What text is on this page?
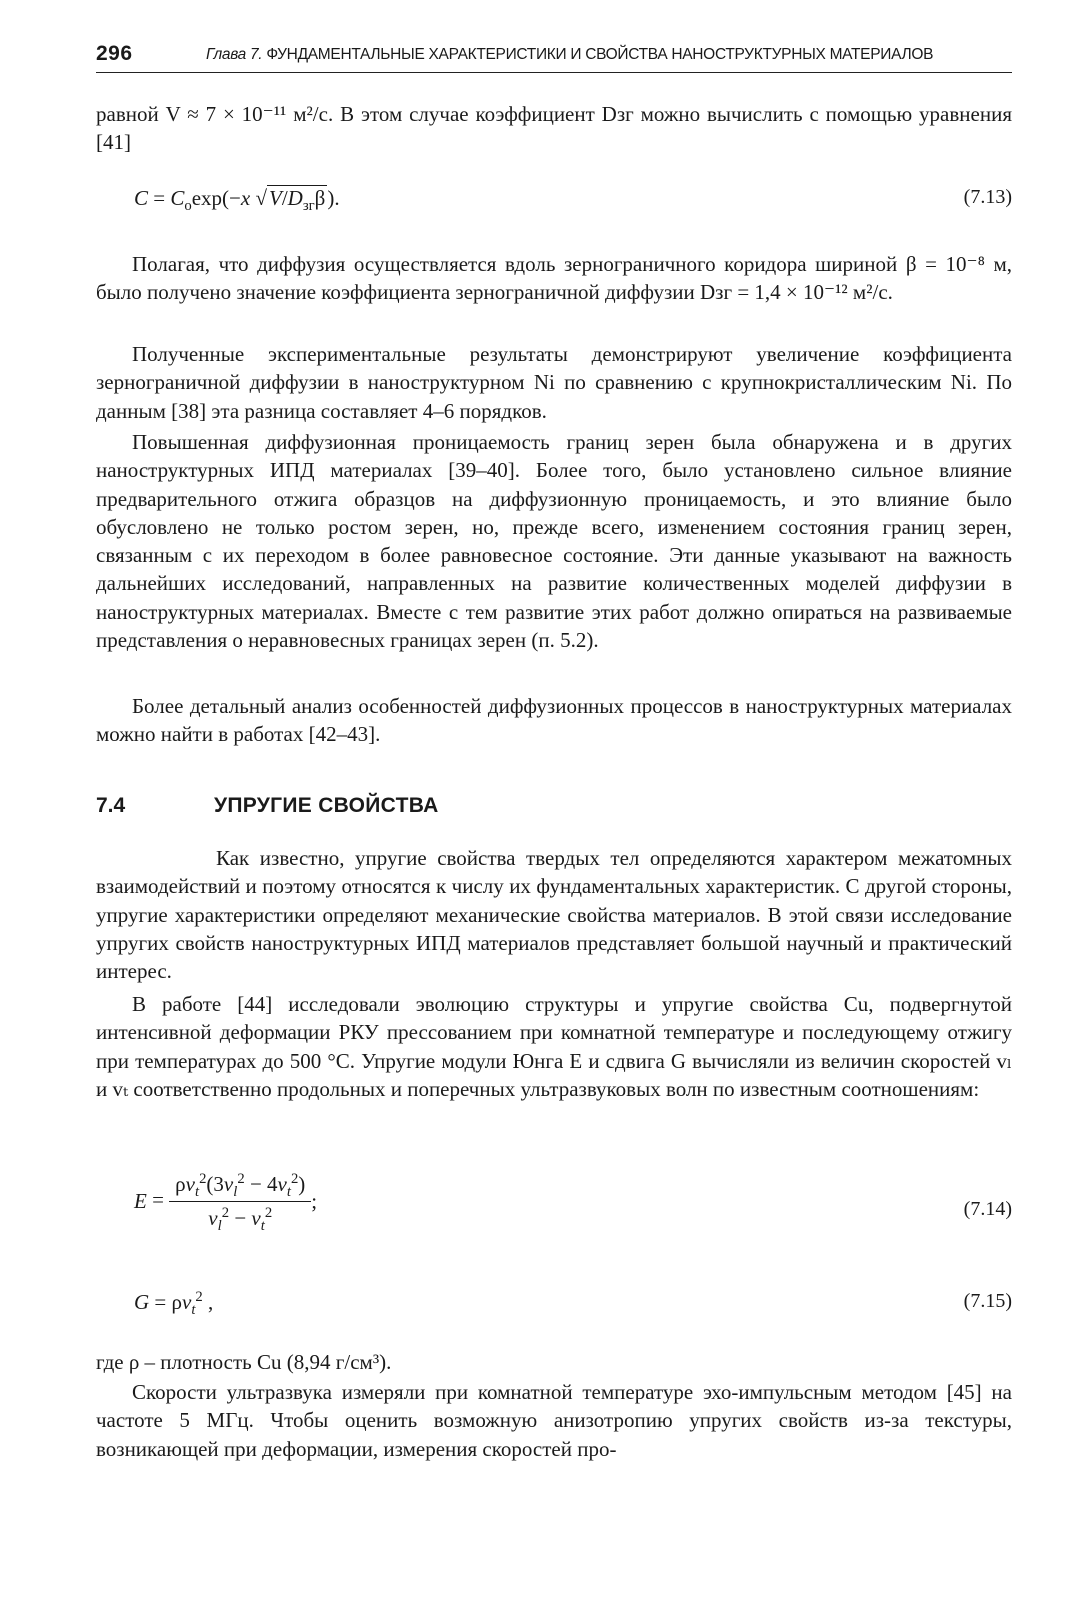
296	Глава 7. ФУНДАМЕНТАЛЬНЫЕ ХАРАКТЕРИСТИКИ И СВОЙСТВА НАНОСТРУКТУРНЫХ МАТЕРИАЛОВ
равной V ≈ 7 × 10⁻¹¹ м²/с. В этом случае коэффициент Dзг можно вычислить с помощью уравнения [41]
$C = C_o\exp(-x$ $√V/D_{зг}\beta$).	(7.13)
Полагая, что диффузия осуществляется вдоль зернограничного коридора шириной β = 10⁻⁸ м, было получено значение коэффициента зернограничной диффузии Dзг = 1,4 × 10⁻¹² м²/с.
Полученные экспериментальные результаты демонстрируют увеличение коэффициента зернограничной диффузии в наноструктурном Ni по сравнению с крупнокристаллическим Ni. По данным [38] эта разница составляет 4–6 порядков.
Повышенная диффузионная проницаемость границ зерен была обнаружена и в других наноструктурных ИПД материалах [39–40]. Более того, было установлено сильное влияние предварительного отжига образцов на диффузионную проницаемость, и это влияние было обусловлено не только ростом зерен, но, прежде всего, изменением состояния границ зерен, связанным с их переходом в более равновесное состояние. Эти данные указывают на важность дальнейших исследований, направленных на развитие количественных моделей диффузии в наноструктурных материалах. Вместе с тем развитие этих работ должно опираться на развиваемые представления о неравновесных границах зерен (п. 5.2).
Более детальный анализ особенностей диффузионных процессов в наноструктурных материалах можно найти в работах [42–43].
7.4	УПРУГИЕ СВОЙСТВА
Как известно, упругие свойства твердых тел определяются характером межатомных взаимодействий и поэтому относятся к числу их фундаментальных характеристик. С другой стороны, упругие характеристики определяют механические свойства материалов. В этой связи исследование упругих свойств наноструктурных ИПД материалов представляет большой научный и практический интерес.
В работе [44] исследовали эволюцию структуры и упругие свойства Cu, подвергнутой интенсивной деформации РКУ прессованием при комнатной температуре и последующему отжигу при температурах до 500 °С. Упругие модули Юнга E и сдвига G вычисляли из величин скоростей vₗ и vₜ соответственно продольных и поперечных ультразвуковых волн по известным соотношениям:
$E = \frac{\rho v_t^2(3v_l^2 - 4v_t^2)}{v_l^2 - v_t^2}$ ;	(7.14)
$G = \rho v_t^2$ ,	(7.15)
где ρ – плотность Cu (8,94 г/см³).
Скорости ультразвука измеряли при комнатной температуре эхо-импульсным методом [45] на частоте 5 МГц. Чтобы оценить возможную анизотропию упругих свойств из-за текстуры, возникающей при деформации, измерения скоростей про-
